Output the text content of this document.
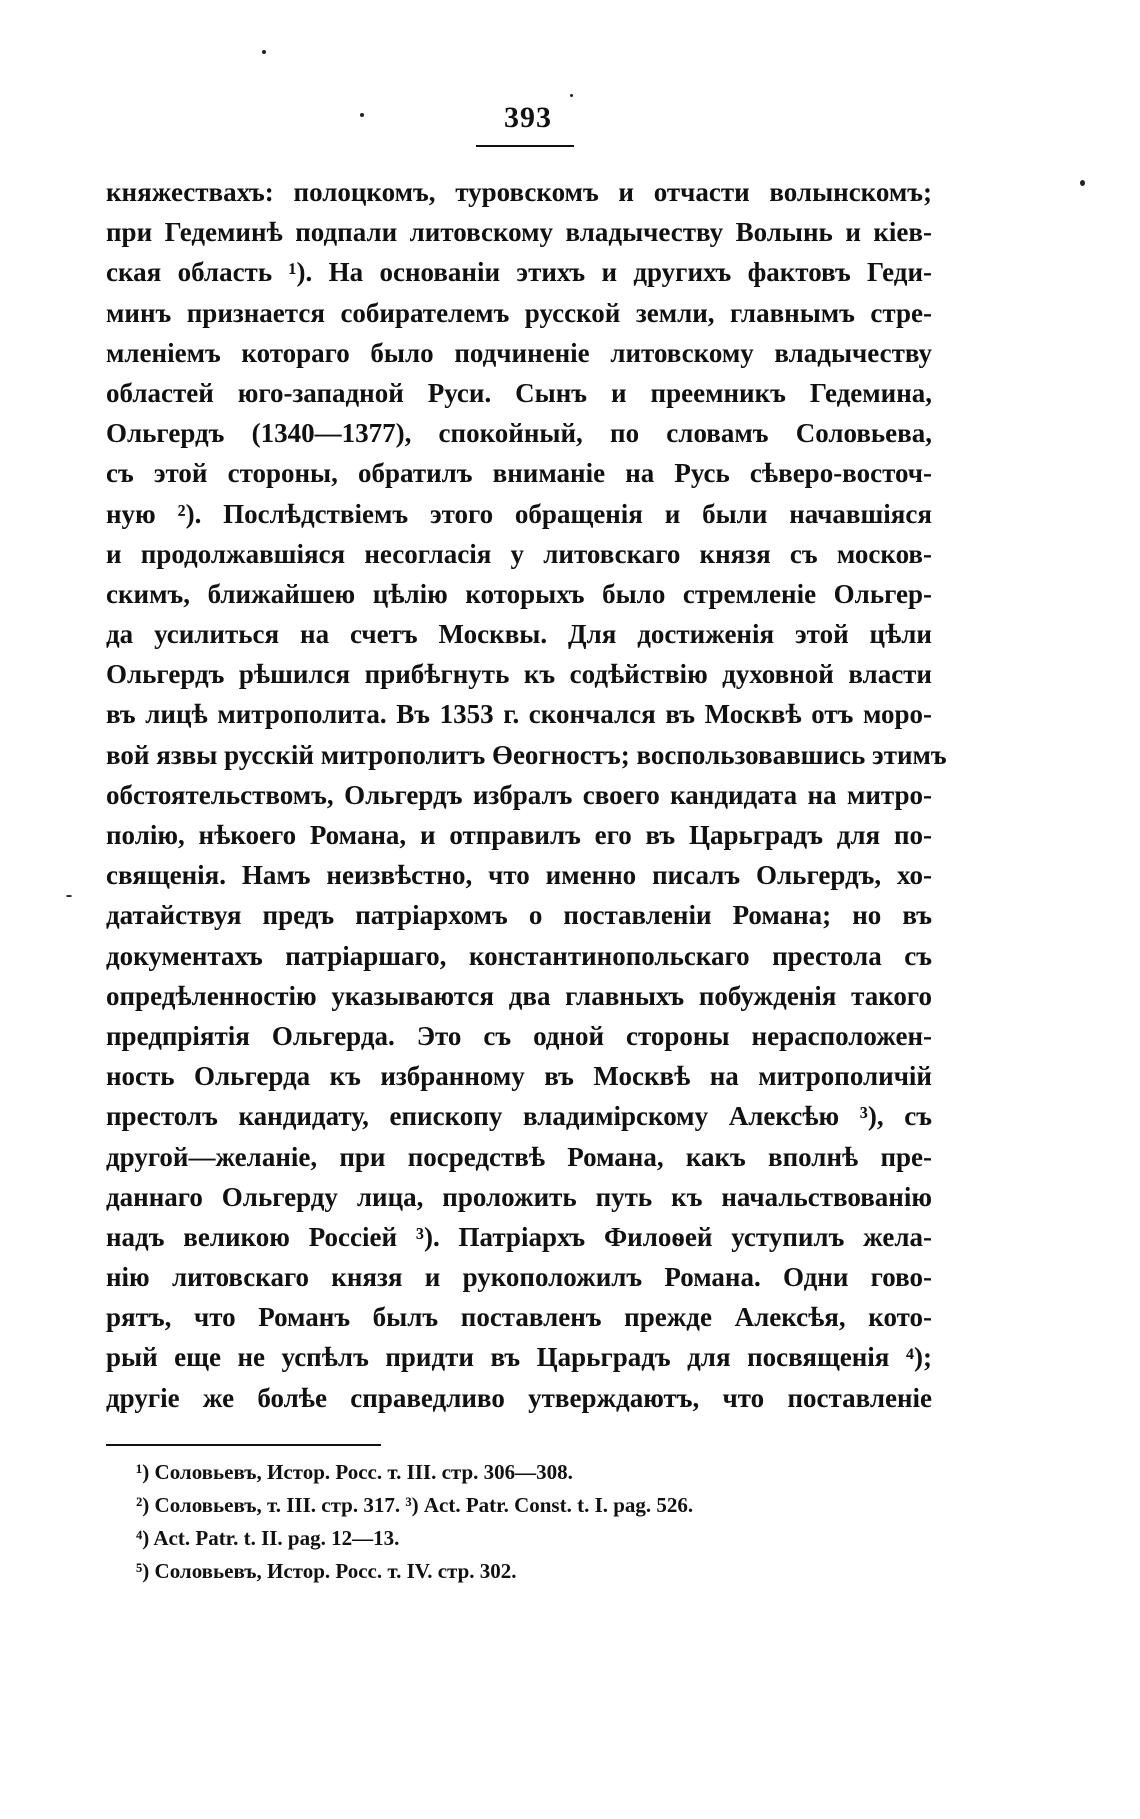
393
княжествахъ: полоцкомъ, туровскомъ и отчасти волынскомъ;
при Гедеминѣ подпали литовскому владычеству Волынь и кіев-
ская область ¹). На основаніи этихъ и другихъ фактовъ Геди-
минъ признается собирателемъ русской земли, главнымъ стре-
мленіемъ котораго было подчиненіе литовскому владычеству
областей юго-западной Руси. Сынъ и преемникъ Гедемина,
Ольгердъ (1340—1377), спокойный, по словамъ Соловьева,
съ этой стороны, обратилъ вниманіе на Русь сѣверо-восточ-
ную ²). Послѣдствіемъ этого обращенія и были начавшіяся
и продолжавшіяся несогласія у литовскаго князя съ москов-
скимъ, ближайшею цѣлію которыхъ было стремленіе Ольгер-
да усилиться на счетъ Москвы. Для достиженія этой цѣли
Ольгердъ рѣшился прибѣгнуть къ содѣйствію духовной власти
въ лицѣ митрополита. Въ 1353 г. скончался въ Москвѣ отъ моро-
вой язвы русскій митрополитъ Өеогностъ; воспользовавшись этимъ
обстоятельствомъ, Ольгердъ избралъ своего кандидата на митро-
полію, нѣкоего Романа, и отправилъ его въ Царьградъ для по-
священія. Намъ неизвѣстно, что именно писалъ Ольгердъ, хо-
датайствуя предъ патріархомъ о поставленіи Романа; но въ
документахъ патріаршаго, константинопольскаго престола съ
опредѣленностію указываются два главныхъ побужденія такого
предпріятія Ольгерда. Это съ одной стороны нерасположен-
ность Ольгерда къ избранному въ Москвѣ на митрополичій
престолъ кандидату, епископу владимірскому Алексѣю ³), съ
другой—желаніе, при посредствѣ Романа, какъ вполнѣ пре-
даннаго Ольгерду лица, проложить путь къ начальствованію
надъ великою Россіей ³). Патріархъ Филоѳей уступилъ жела-
нію литовскаго князя и рукоположилъ Романа. Одни гово-
рятъ, что Романъ былъ поставленъ прежде Алексѣя, кото-
рый еще не успѣлъ придти въ Царьградъ для посвященія ⁴);
другіе же болѣе справедливо утверждаютъ, что поставленіе
¹) Соловьевъ, Истор. Росс. т. III. стр. 306—308.
²) Соловьевъ, т. III. стр. 317. ³) Act. Patr. Const. t. I. pag. 526.
⁴) Act. Patr. t. II. pag. 12—13.
⁵) Соловьевъ, Истор. Росс. т. IV. стр. 302.
